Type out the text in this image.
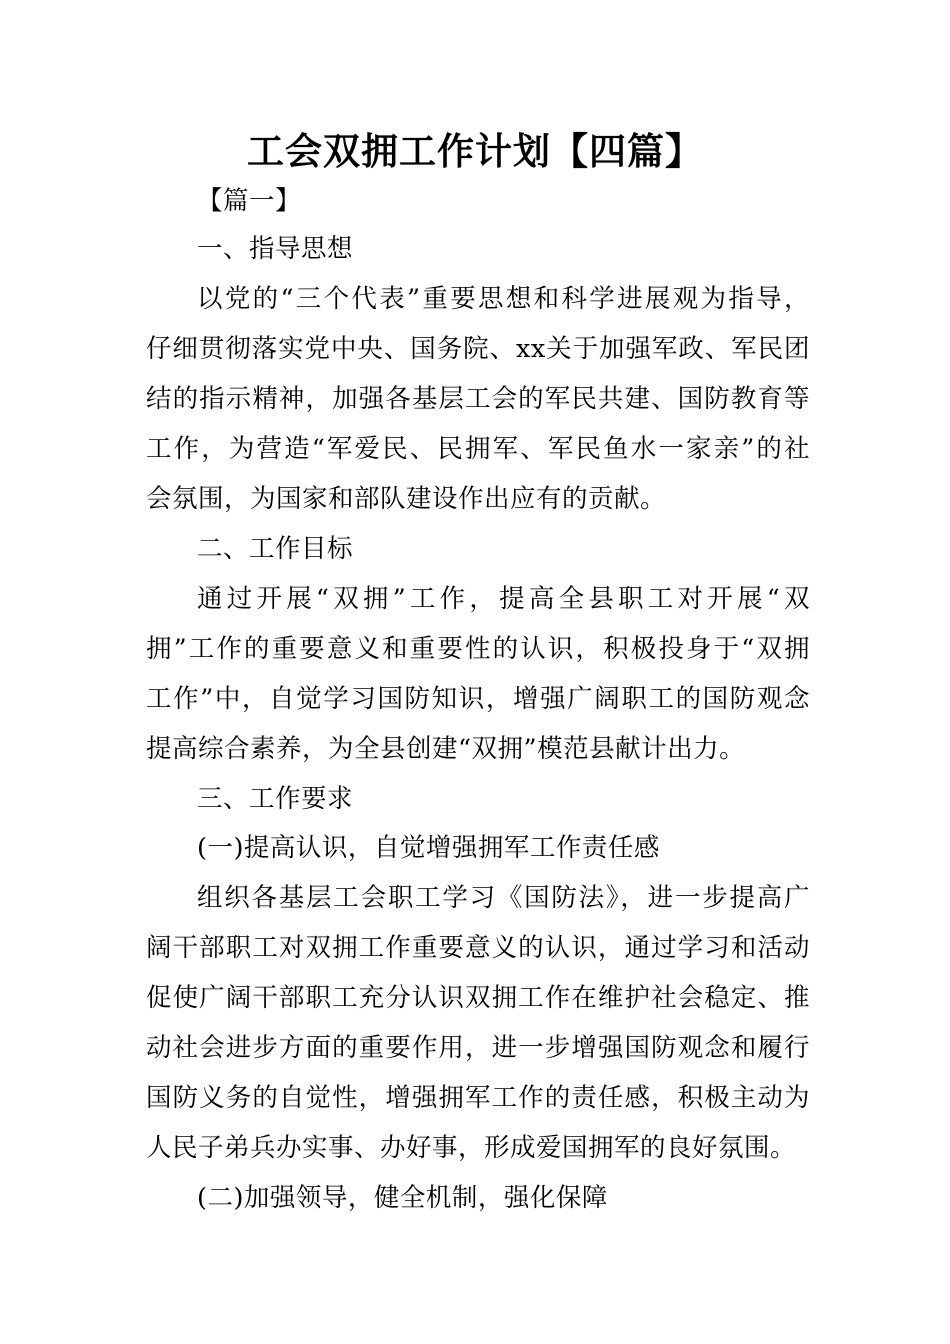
工会双拥工作计划【四篇】
【篇一】
一、指导思想
以党的“三个代表”重要思想和科学进展观为指导，
仔细贯彻落实党中央、国务院、xx关于加强军政、军民团
结的指示精神，加强各基层工会的军民共建、国防教育等
工作，为营造“军爱民、民拥军、军民鱼水一家亲”的社
会氛围，为国家和部队建设作出应有的贡献。
二、工作目标
通过开展“双拥”工作，提高全县职工对开展“双
拥”工作的重要意义和重要性的认识，积极投身于“双拥
工作”中，自觉学习国防知识，增强广阔职工的国防观念
提高综合素养，为全县创建“双拥”模范县献计出力。
三、工作要求
(一)提高认识，自觉增强拥军工作责任感
组织各基层工会职工学习《国防法》，进一步提高广
阔干部职工对双拥工作重要意义的认识，通过学习和活动
促使广阔干部职工充分认识双拥工作在维护社会稳定、推
动社会进步方面的重要作用，进一步增强国防观念和履行
国防义务的自觉性，增强拥军工作的责任感，积极主动为
人民子弟兵办实事、办好事，形成爱国拥军的良好氛围。
(二)加强领导，健全机制，强化保障
